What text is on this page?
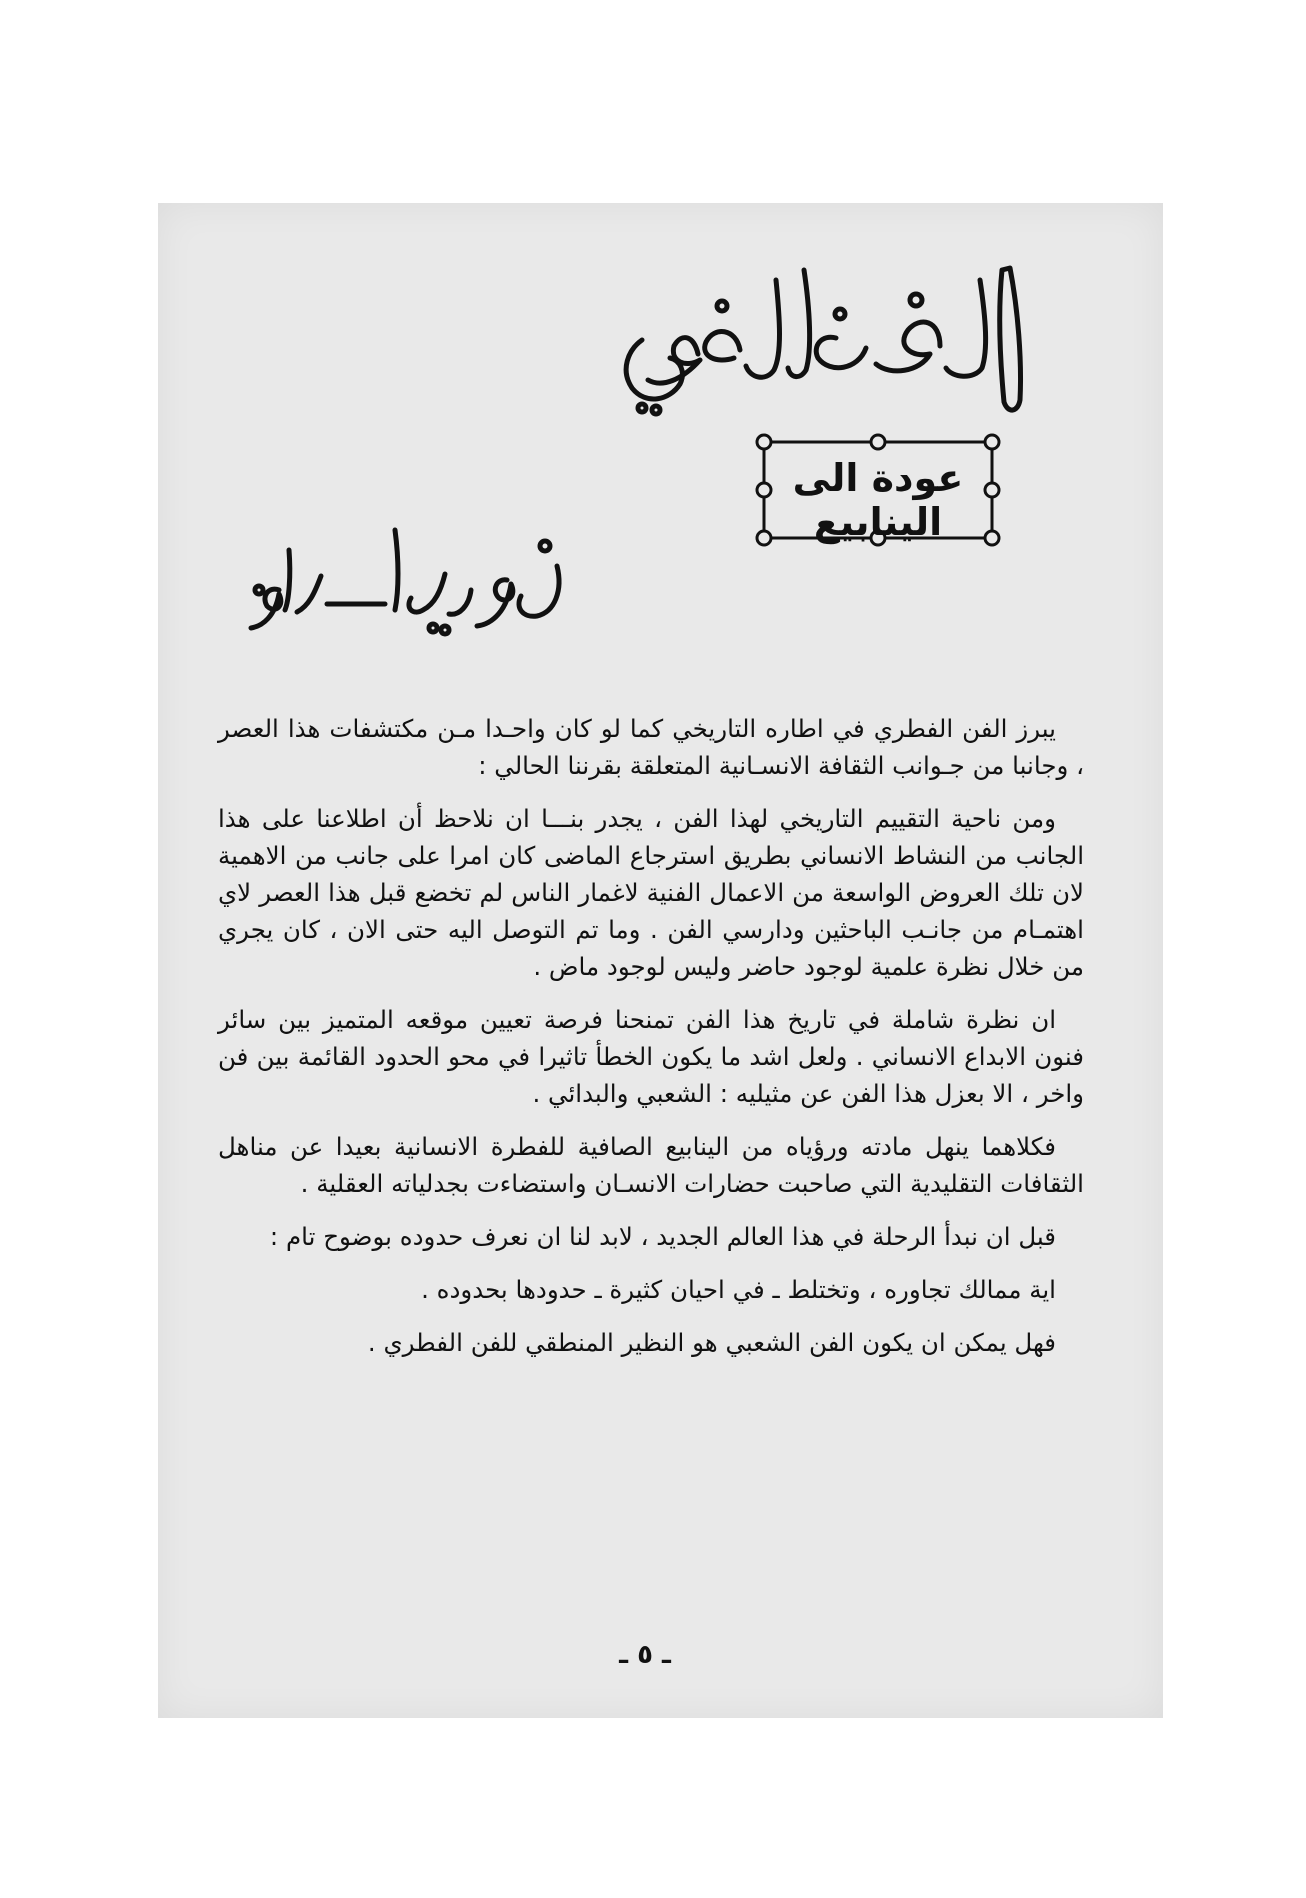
عودة الى الينابيع

يبرز الفن الفطري في اطاره التاريخي كما لو كان واحـدا مـن مكتشفات هذا العصر ، وجانبا من جـوانب الثقافة الانسـانية المتعلقة بقرننا الحالي :

ومن ناحية التقييم التاريخي لهذا الفن ، يجدر بنـــا ان نلاحظ أن اطلاعنا على هذا الجانب من النشاط الانساني بطريق استرجاع الماضى كان امرا على جانب من الاهمية لان تلك العروض الواسعة من الاعمال الفنية لاغمار الناس لم تخضع قبل هذا العصر لاي اهتمـام من جانـب الباحثين ودارسي الفن . وما تم التوصل اليه حتى الان ، كان يجري من خلال نظرة علمية لوجود حاضر وليس لوجود ماض .

ان نظرة شاملة في تاريخ هذا الفن تمنحنا فرصة تعيين موقعه المتميز بين سائر فنون الابداع الانساني . ولعل اشد ما يكون الخطأ تاثيرا في محو الحدود القائمة بين فن واخر ، الا بعزل هذا الفن عن مثيليه : الشعبي والبدائي .

فكلاهما ينهل مادته ورؤياه من الينابيع الصافية للفطرة الانسانية بعيدا عن مناهل الثقافات التقليدية التي صاحبت حضارات الانسـان واستضاءت بجدلياته العقلية .

قبل ان نبدأ الرحلة في هذا العالم الجديد ، لابد لنا ان نعرف حدوده بوضوح تام :

اية ممالك تجاوره ، وتختلط ـ في احيان كثيرة ـ حدودها بحدوده .

فهل يمكن ان يكون الفن الشعبي هو النظير المنطقي للفن الفطري .

ـ ٥ ـ
